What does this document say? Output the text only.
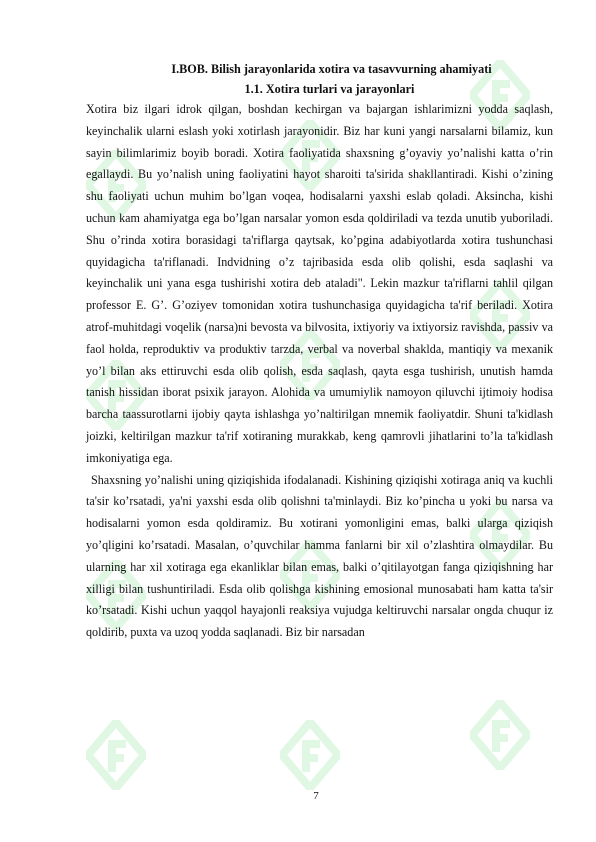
I.BOB. Bilish jarayonlarida xotira va tasavvurning ahamiyati
1.1. Xotira turlari va jarayonlari

Xotira biz ilgari idrok qilgan, boshdan kechirgan va bajargan ishlarimizni yodda saqlash, keyinchalik ularni eslash yoki xotirlash jarayonidir. Biz har kuni yangi narsalarni bilamiz, kun sayin bilimlarimiz boyib boradi. Xotira faoliyatida shaxsning g’oyaviy yo’nalishi katta o’rin egallaydi. Bu yo’nalish uning faoliyatini hayot sharoiti ta'sirida shakllantiradi. Kishi o’zining shu faoliyati uchun muhim bo’lgan voqea, hodisalarni yaxshi eslab qoladi. Aksincha, kishi uchun kam ahamiyatga ega bo’lgan narsalar yomon esda qoldiriladi va tezda unutib yuboriladi. Shu o’rinda xotira borasidagi ta'riflarga qaytsak, ko’pgina adabiyotlarda xotira tushunchasi quyidagicha ta'riflanadi. Indvidning o’z tajribasida esda olib qolishi, esda saqlashi va keyinchalik uni yana esga tushirishi xotira deb ataladi". Lekin mazkur ta'riflarni tahlil qilgan professor E. G’. G’oziyev tomonidan xotira tushunchasiga quyidagicha ta'rif beriladi. Xotira atrof-muhitdagi voqelik (narsa)ni bevosta va bilvosita, ixtiyoriy va ixtiyorsiz ravishda, passiv va faol holda, reproduktiv va produktiv tarzda, verbal va noverbal shaklda, mantiqiy va mexanik yo’l bilan aks ettiruvchi esda olib qolish, esda saqlash, qayta esga tushirish, unutish hamda tanish hissidan iborat psixik jarayon. Alohida va umumiylik namoyon qiluvchi ijtimoiy hodisa barcha taassurotlarni ijobiy qayta ishlashga yo’naltirilgan mnemik faoliyatdir. Shuni ta'kidlash joizki, keltirilgan mazkur ta'rif xotiraning murakkab, keng qamrovli jihatlarini to’la ta'kidlash imkoniyatiga ega.

Shaxsning yo’nalishi uning qiziqishida ifodalanadi. Kishining qiziqishi xotiraga aniq va kuchli ta'sir ko’rsatadi, ya'ni yaxshi esda olib qolishni ta'minlaydi. Biz ko’pincha u yoki bu narsa va hodisalarni yomon esda qoldiramiz. Bu xotirani yomonligini emas, balki ularga qiziqish yo’qligini ko’rsatadi. Masalan, o’quvchilar hamma fanlarni bir xil o’zlashtira olmaydilar. Bu ularning har xil xotiraga ega ekanliklar bilan emas, balki o’qitilayotgan fanga qiziqishning har xilligi bilan tushuntiriladi. Esda olib qolishga kishining emosional munosabati ham katta ta'sir ko’rsatadi. Kishi uchun yaqqol hayajonli reaksiya vujudga keltiruvchi narsalar ongda chuqur iz qoldirib, puxta va uzoq yodda saqlanadi. Biz bir narsadan

7
